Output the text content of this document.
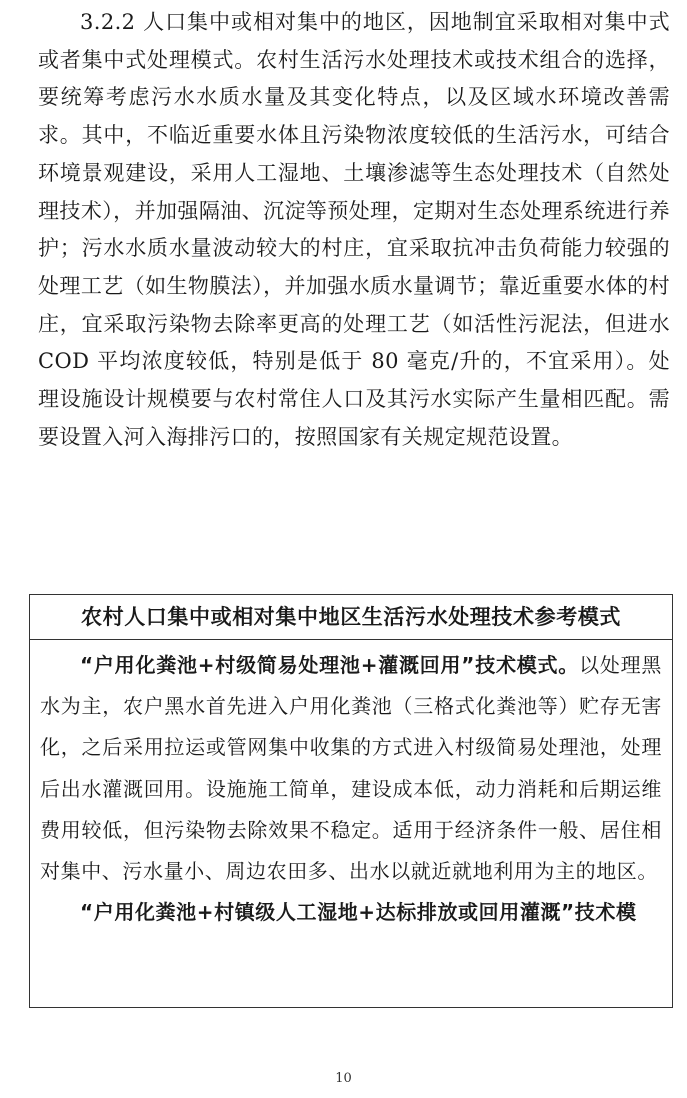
3.2.2 人口集中或相对集中的地区，因地制宜采取相对集中式或者集中式处理模式。农村生活污水处理技术或技术组合的选择，要统筹考虑污水水质水量及其变化特点，以及区域水环境改善需求。其中，不临近重要水体且污染物浓度较低的生活污水，可结合环境景观建设，采用人工湿地、土壤渗滤等生态处理技术（自然处理技术），并加强隔油、沉淀等预处理，定期对生态处理系统进行养护；污水水质水量波动较大的村庄，宜采取抗冲击负荷能力较强的处理工艺（如生物膜法），并加强水质水量调节；靠近重要水体的村庄，宜采取污染物去除率更高的处理工艺（如活性污泥法，但进水 COD 平均浓度较低，特别是低于 80 毫克/升的，不宜采用）。处理设施设计规模要与农村常住人口及其污水实际产生量相匹配。需要设置入河入海排污口的，按照国家有关规定规范设置。

农村人口集中或相对集中地区生活污水处理技术参考模式

“户用化粪池+村级简易处理池+灌溉回用”技术模式。以处理黑水为主，农户黑水首先进入户用化粪池（三格式化粪池等）贮存无害化，之后采用拉运或管网集中收集的方式进入村级简易处理池，处理后出水灌溉回用。设施施工简单，建设成本低，动力消耗和后期运维费用较低，但污染物去除效果不稳定。适用于经济条件一般、居住相对集中、污水量小、周边农田多、出水以就近就地利用为主的地区。

“户用化粪池+村镇级人工湿地+达标排放或回用灌溉”技术模

10
